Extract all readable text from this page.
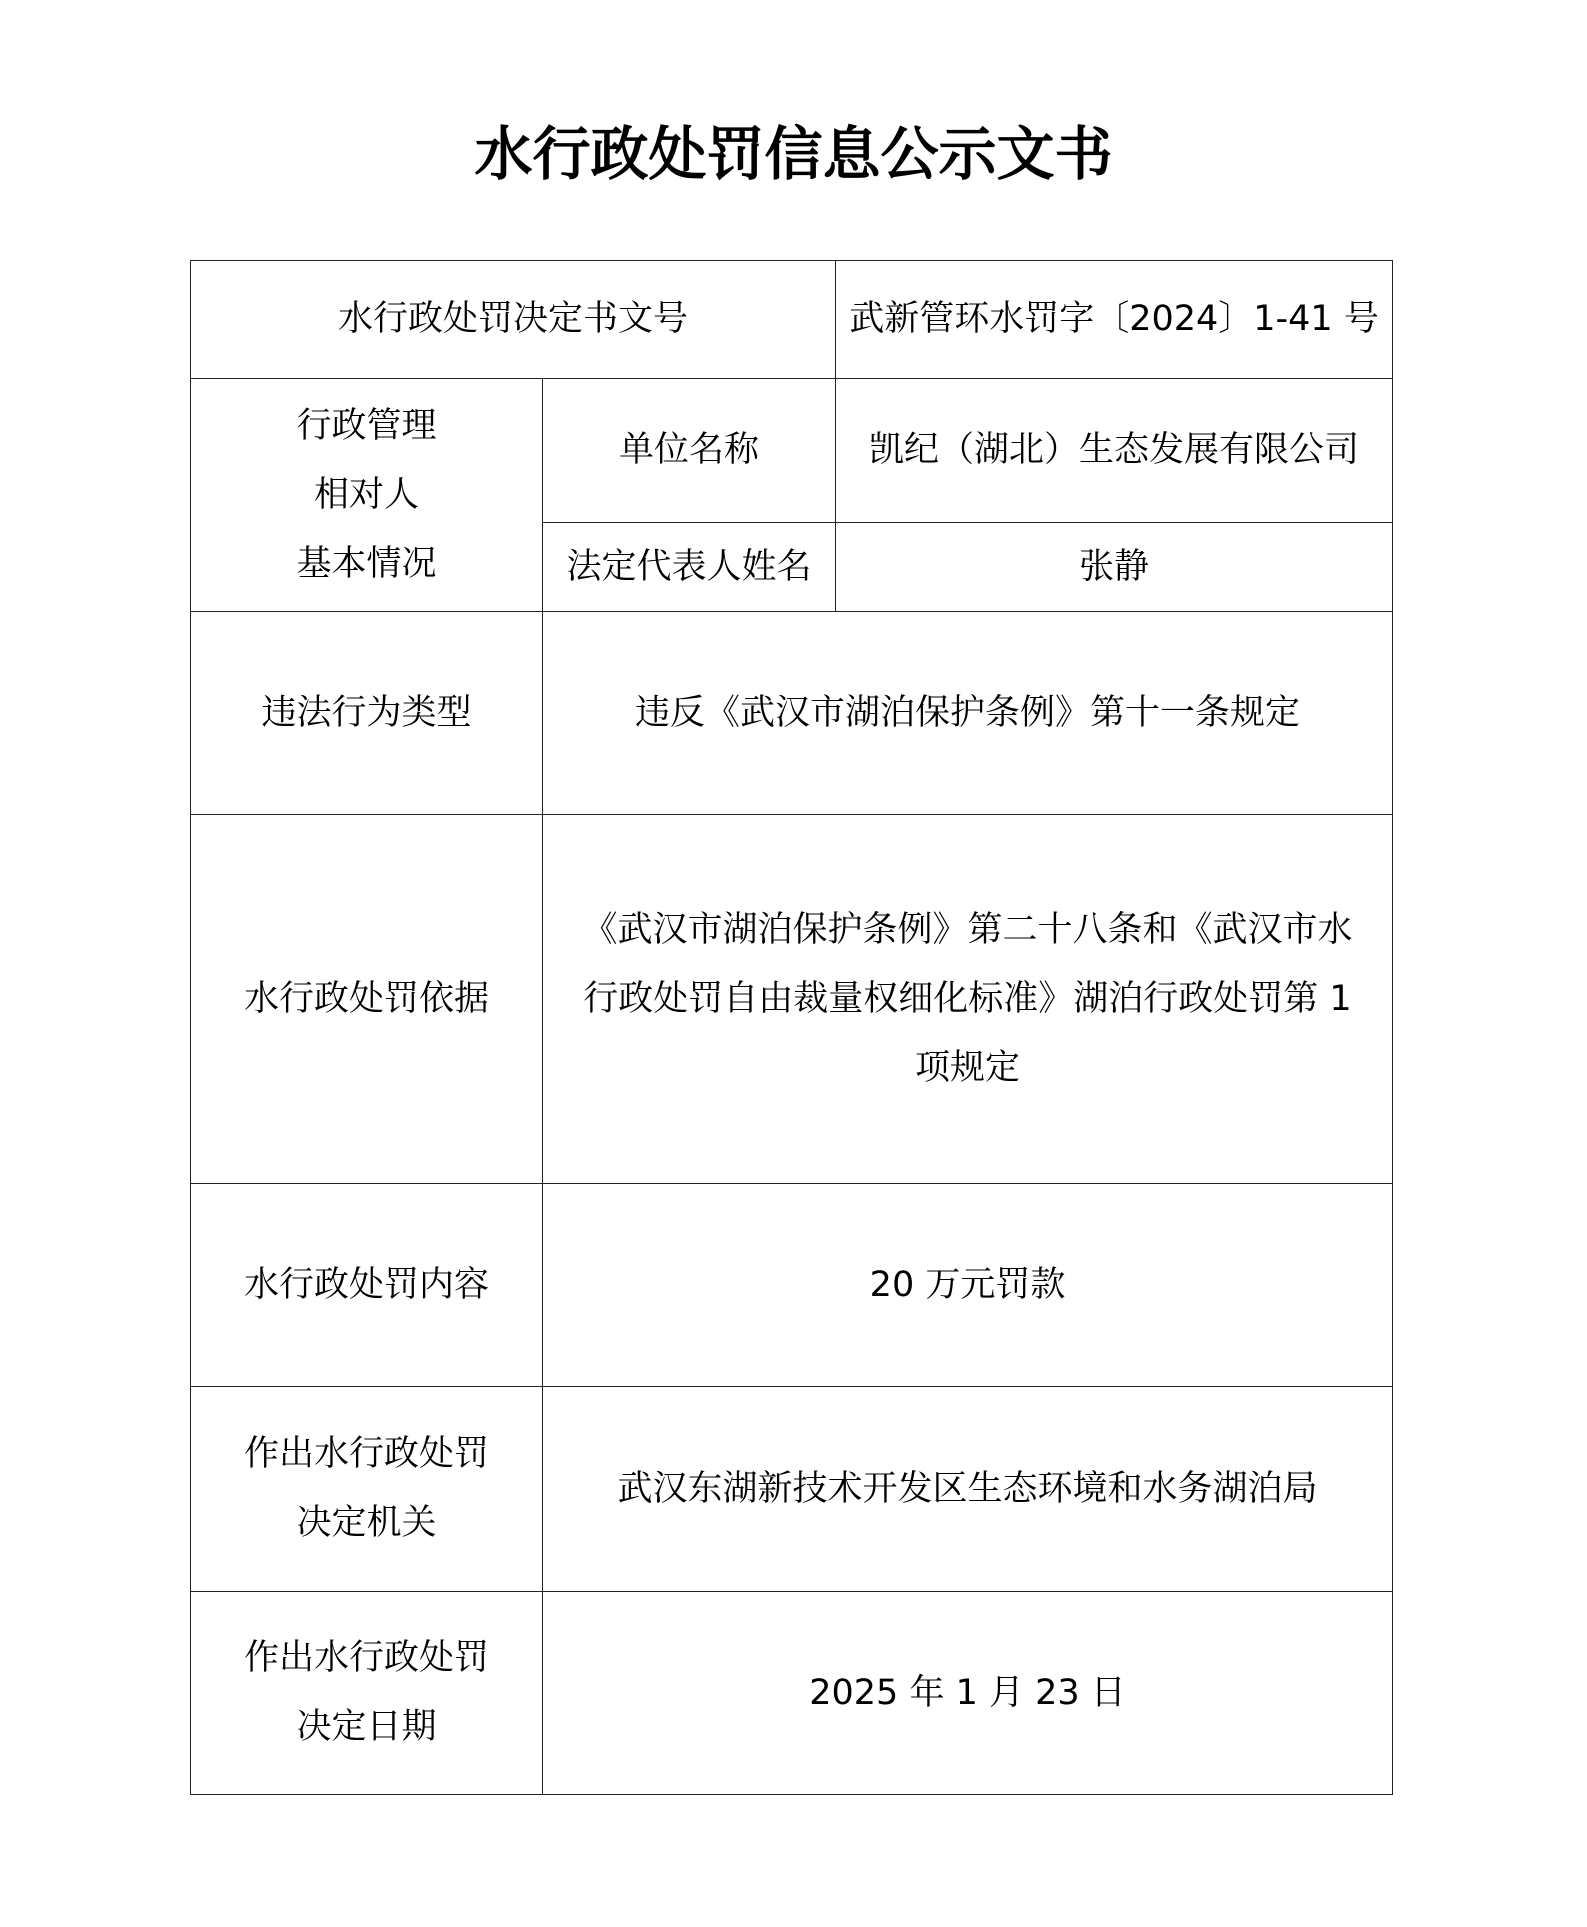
水行政处罚信息公示文书
水行政处罚决定书文号		武新管环水罚字〔2024〕1-41 号

行政管理
相对人
基本情况	单位名称	凯纪（湖北）生态发展有限公司
	法定代表人姓名	张静
违法行为类型	违反《武汉市湖泊保护条例》第十一条规定	
水行政处罚依据	《武汉市湖泊保护条例》第二十八条和《武汉市水
行政处罚自由裁量权细化标准》湖泊行政处罚第 1
项规定	

水行政处罚内容	20 万元罚款	

作出水行政处罚
决定机关	武汉东湖新技术开发区生态环境和水务湖泊局	

作出水行政处罚
决定日期	2025 年 1 月 23 日	
